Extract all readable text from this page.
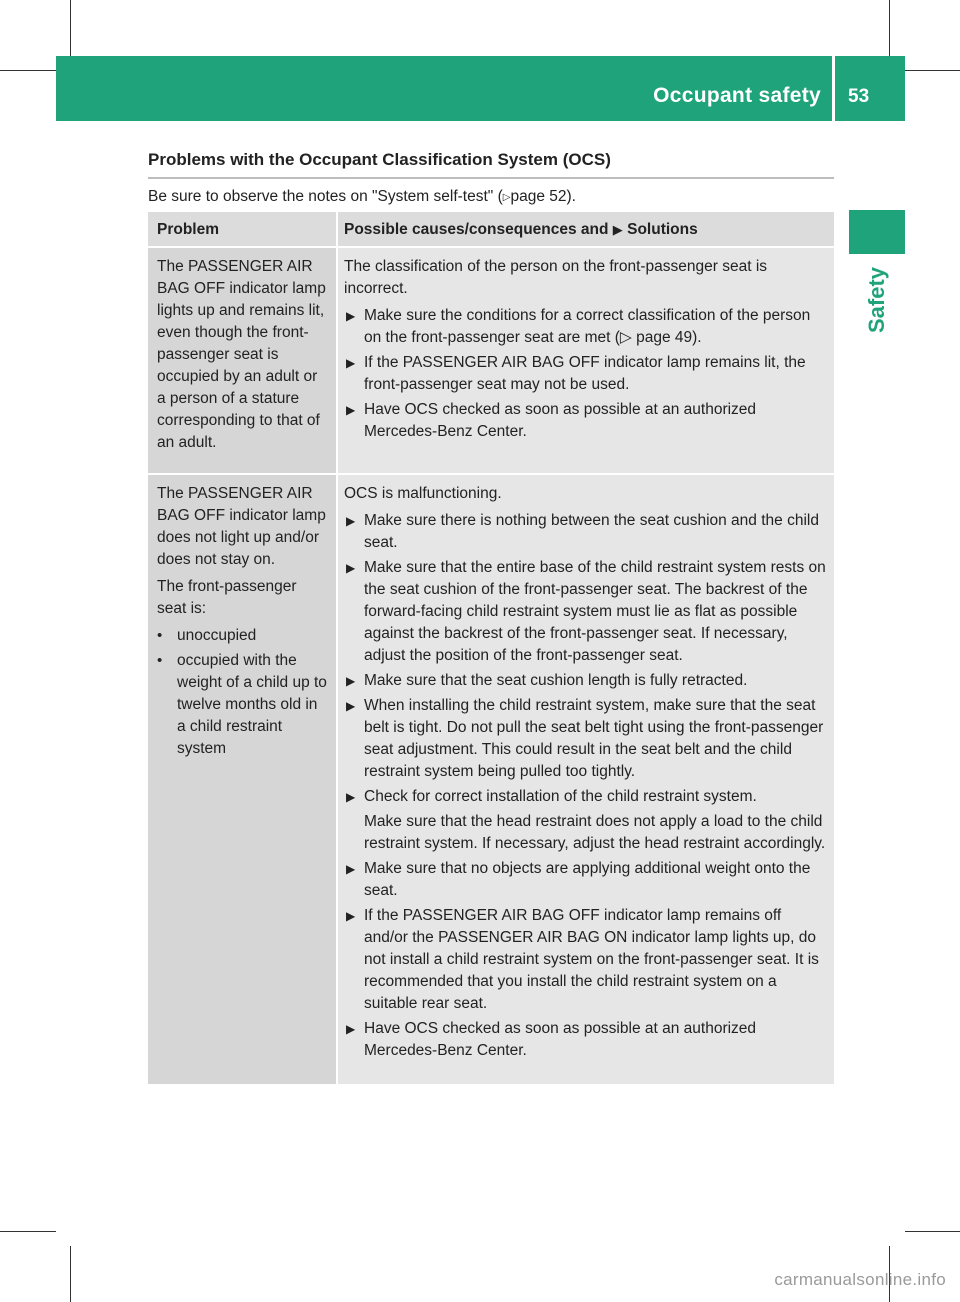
Occupant safety 53
Safety
Problems with the Occupant Classification System (OCS)
Be sure to observe the notes on "System self-test" (▷page 52).
Problem	Possible causes/consequences and ▶ Solutions
The PASSENGER AIR BAG OFF indicator lamp lights up and remains lit, even though the front-passenger seat is occupied by an adult or a person of a stature corresponding to that of an adult.
The classification of the person on the front-passenger seat is incorrect.
▶ Make sure the conditions for a correct classification of the person on the front-passenger seat are met (▷ page 49).
▶ If the PASSENGER AIR BAG OFF indicator lamp remains lit, the front-passenger seat may not be used.
▶ Have OCS checked as soon as possible at an authorized Mercedes-Benz Center.
The PASSENGER AIR BAG OFF indicator lamp does not light up and/or does not stay on.
The front-passenger seat is:
• unoccupied
• occupied with the weight of a child up to twelve months old in a child restraint system
OCS is malfunctioning.
▶ Make sure there is nothing between the seat cushion and the child seat.
▶ Make sure that the entire base of the child restraint system rests on the seat cushion of the front-passenger seat. The backrest of the forward-facing child restraint system must lie as flat as possible against the backrest of the front-passenger seat. If necessary, adjust the position of the front-passenger seat.
▶ Make sure that the seat cushion length is fully retracted.
▶ When installing the child restraint system, make sure that the seat belt is tight. Do not pull the seat belt tight using the front-passenger seat adjustment. This could result in the seat belt and the child restraint system being pulled too tightly.
▶ Check for correct installation of the child restraint system.
Make sure that the head restraint does not apply a load to the child restraint system. If necessary, adjust the head restraint accordingly.
▶ Make sure that no objects are applying additional weight onto the seat.
▶ If the PASSENGER AIR BAG OFF indicator lamp remains off and/or the PASSENGER AIR BAG ON indicator lamp lights up, do not install a child restraint system on the front-passenger seat. It is recommended that you install the child restraint system on a suitable rear seat.
▶ Have OCS checked as soon as possible at an authorized Mercedes-Benz Center.
carmanualsonline.info
